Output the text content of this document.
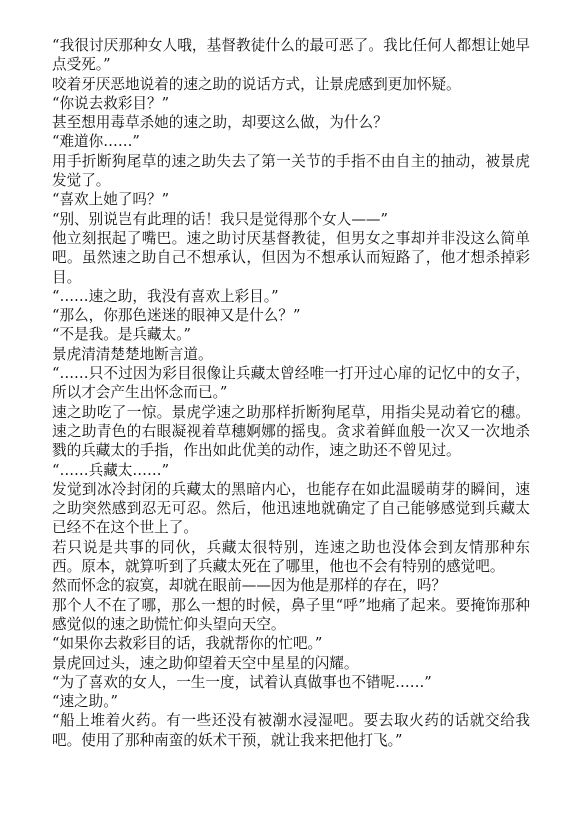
“我很讨厌那种女人哦，基督教徒什么的最可恶了。我比任何人都想让她早点受死。”

咬着牙厌恶地说着的速之助的说话方式，让景虎感到更加怀疑。

“你说去救彩目？”

甚至想用毒草杀她的速之助，却要这么做，为什么？

“难道你……”

用手折断狗尾草的速之助失去了第一关节的手指不由自主的抽动，被景虎发觉了。

“喜欢上她了吗？”

“别、别说岂有此理的话！我只是觉得那个女人——”

他立刻抿起了嘴巴。速之助讨厌基督教徒，但男女之事却并非没这么简单吧。虽然速之助自己不想承认，但因为不想承认而短路了，他才想杀掉彩目。

“……速之助，我没有喜欢上彩目。”

“那么，你那色迷迷的眼神又是什么？”

“不是我。是兵藏太。”

景虎清清楚楚地断言道。

“……只不过因为彩目很像让兵藏太曾经唯一打开过心扉的记忆中的女子，所以才会产生出怀念而已。”

速之助吃了一惊。景虎学速之助那样折断狗尾草，用指尖晃动着它的穗。速之助青色的右眼凝视着草穗婀娜的摇曳。贪求着鲜血般一次又一次地杀戮的兵藏太的手指，作出如此优美的动作，速之助还不曾见过。

“……兵藏太……”

发觉到冰冷封闭的兵藏太的黑暗内心，也能存在如此温暖萌芽的瞬间，速之助突然感到忍无可忍。然后，他迅速地就确定了自己能够感觉到兵藏太已经不在这个世上了。

若只说是共事的同伙，兵藏太很特别，连速之助也没体会到友情那种东西。原本，就算听到了兵藏太死在了哪里，他也不会有特别的感觉吧。

然而怀念的寂寞，却就在眼前——因为他是那样的存在，吗？

那个人不在了哪，那么一想的时候，鼻子里“呼”地痛了起来。要掩饰那种感觉似的速之助慌忙仰头望向天空。

“如果你去救彩目的话，我就帮你的忙吧。”

景虎回过头，速之助仰望着天空中星星的闪耀。

“为了喜欢的女人，一生一度，试着认真做事也不错呢……”

“速之助。”

“船上堆着火药。有一些还没有被潮水浸湿吧。要去取火药的话就交给我吧。使用了那种南蛮的妖术干预，就让我来把他打飞。”
